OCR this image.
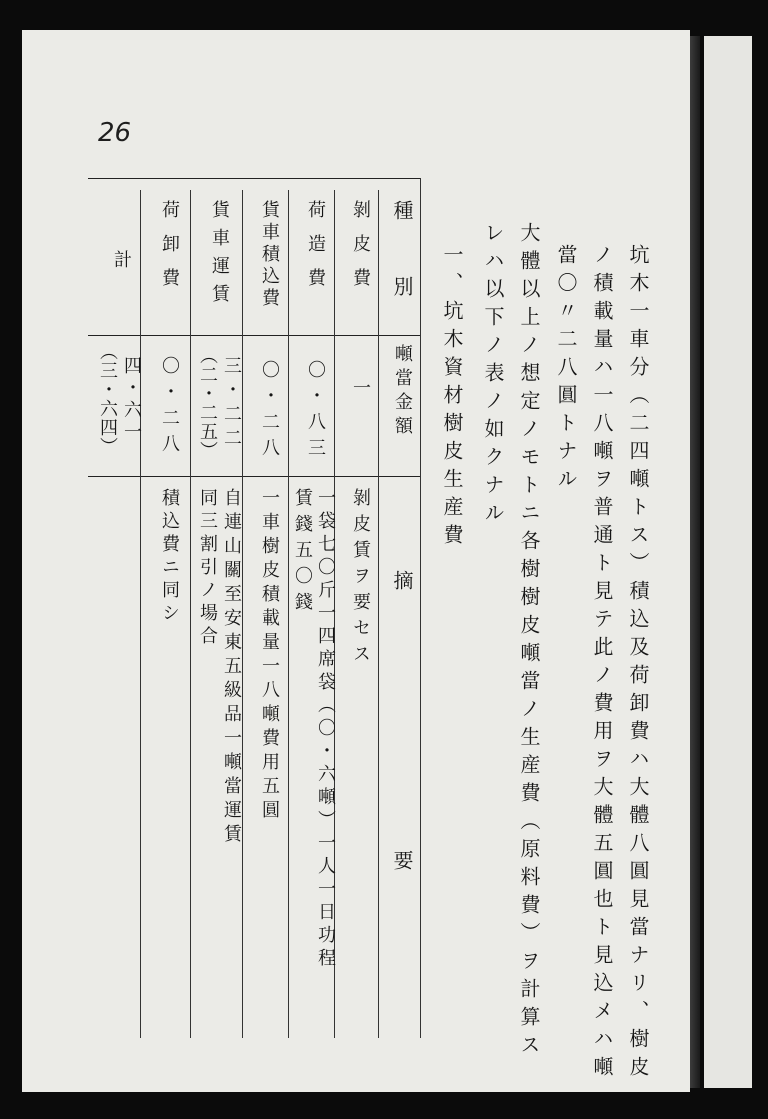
26
坑木一車分（二四噸トス）積込及荷卸費ハ大體八圓見當ナリ、樹皮
ノ積載量ハ一八噸ヲ普通ト見テ此ノ費用ヲ大體五圓也ト見込メハ噸
當〇〃二八圓トナル
大體以上ノ想定ノモトニ各樹樹皮噸當ノ生産費（原料費）ヲ計算ス
レハ以下ノ表ノ如クナル
一、坑木資材樹皮生産費
種　別
噸當金額
摘　　　　　　要
剝皮費
一
剝皮賃ヲ要セス
荷造費
〇・八三
一袋七〇斤一四席袋（〇・六噸）一人一日功程
賃錢五〇錢
貨車積込費
〇・二八
一車樹皮積載量一八噸費用五圓
貨車運賃
三・二二
（二・二五）
自連山關至安東五級品一噸當運賃
同三割引ノ場合
荷卸費
〇・二八
積込費ニ同シ
計
四・六一
（三・六四）
